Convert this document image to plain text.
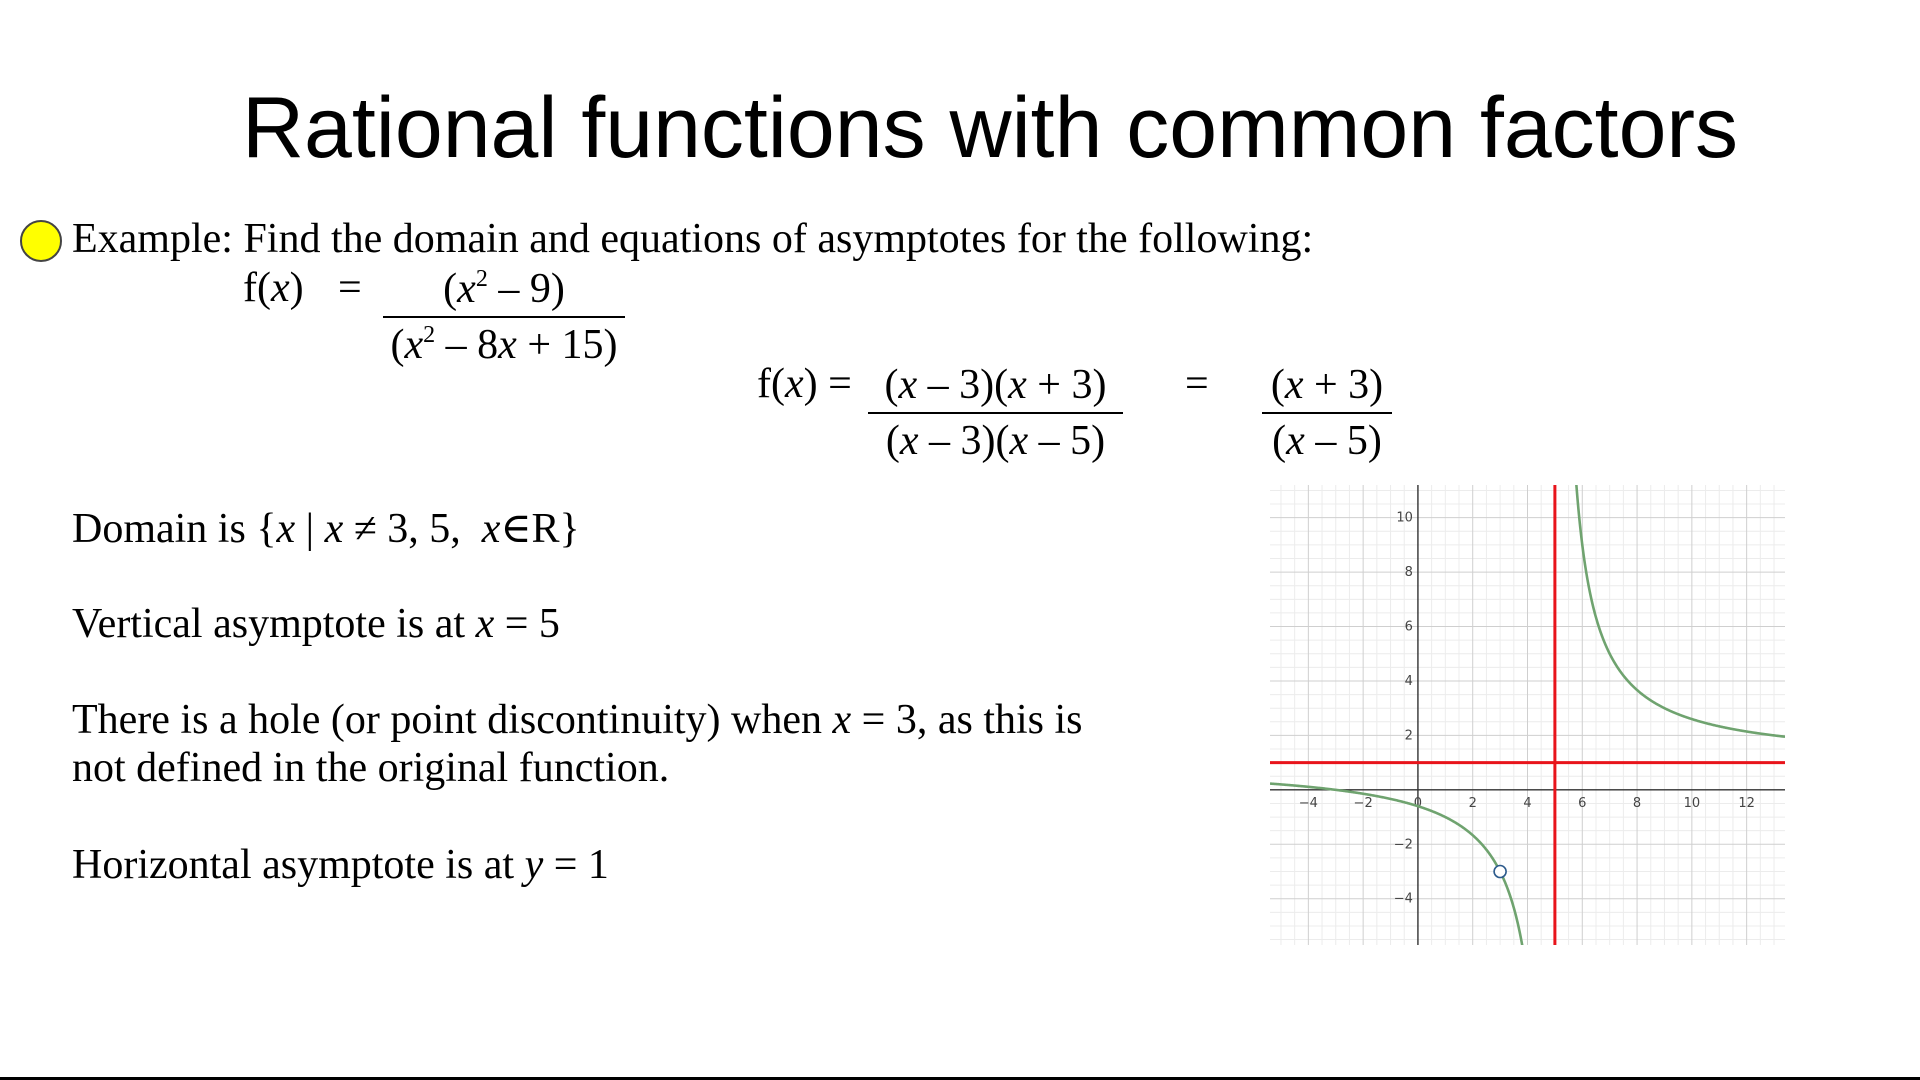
Rational functions with common factors
Example: Find the domain and equations of asymptotes for the following:
$f(x) = \frac{(x^2 - 9)}{(x^2 - 8x + 15)}$
$f(x) = \frac{(x - 3)(x + 3)}{(x - 3)(x - 5)} = \frac{(x + 3)}{(x - 5)}$
Domain is {x | x ≠ 3, 5,  x∈R}
Vertical asymptote is at x = 5
There is a hole (or point discontinuity) when x = 3, as this is
not defined in the original function.
Horizontal asymptote is at y = 1
−4	−2	0	2	4	6	8	10	12
−4
−2
2
4
6
8
10
